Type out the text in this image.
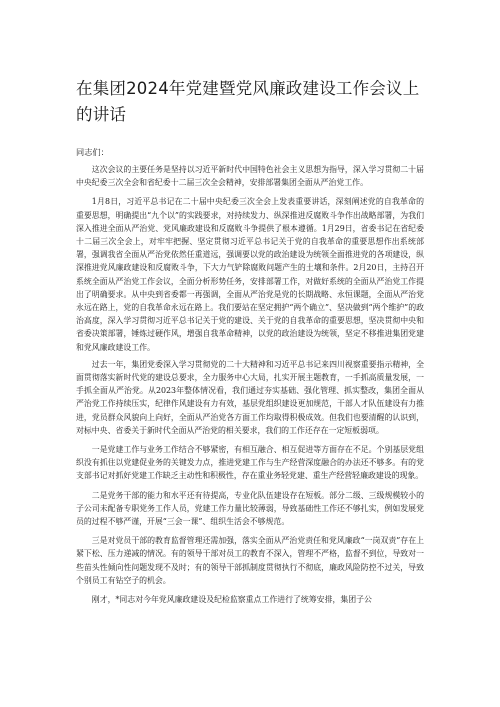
在集团2024年党建暨党风廉政建设工作会议上的讲话
同志们：

这次会议的主要任务是坚持以习近平新时代中国特色社会主义思想为指导，深入学习贯彻二十届中央纪委三次全会和省纪委十二届三次全会精神，安排部署集团全面从严治党工作。

1月8日，习近平总书记在二十届中央纪委三次全会上发表重要讲话，深刻阐述党的自我革命的重要思想，明确提出“九个以”的实践要求，对持续发力、纵深推进反腐败斗争作出战略部署，为我们深入推进全面从严治党、党风廉政建设和反腐败斗争提供了根本遵循。1月29日，省委书记在省纪委十二届三次全会上，对牢牢把握、坚定贯彻习近平总书记关于党的自我革命的重要思想作出系统部署，强调我省全面从严治党依然任重道远，强调要以党的政治建设为统领全面推进党的各项建设，纵深推进党风廉政建设和反腐败斗争，下大力气铲除腐败问题产生的土壤和条件。2月20日，主持召开系统全面从严治党工作会议，全面分析形势任务，安排部署工作，对做好系统的全面从严治党工作提出了明确要求。从中央到省委都一再强调，全面从严治党是党的长期战略、永恒课题，全面从严治党永远在路上，党的自我革命永远在路上。我们要站在坚定拥护“两个确立”、坚决做到“两个维护”的政治高度，深入学习贯彻习近平总书记关于党的建设、关于党的自我革命的重要思想，坚决贯彻中央和省委决策部署，锤炼过硬作风，增强自我革命精神，以党的政治建设为统领，坚定不移推进集团党建和党风廉政建设工作。

过去一年，集团党委深入学习贯彻党的二十大精神和习近平总书记来四川视察重要指示精神，全面贯彻落实新时代党的建设总要求，全力服务中心大局，扎实开展主题教育，一手抓高质量发展，一手抓全面从严治党。从2023年整体情况看，我们通过夯实基础、强化管理、抓实整改，集团全面从严治党工作持续压实，纪律作风建设有力有效，基层党组织建设更加规范，干部人才队伍建设有力推进，党员群众风貌向上向好，全面从严治党各方面工作均取得积极成效。但我们也要清醒的认识到，对标中央、省委关于新时代全面从严治党的相关要求，我们的工作还存在一定短板弱项。

一是党建工作与业务工作结合不够紧密，有相互融合、相互促进等方面存在不足。个别基层党组织没有抓住以党建促业务的关键发力点，推进党建工作与生产经营深度融合的办法还不够多。有的党支部书记对抓好党建工作缺乏主动性和积极性，存在重业务轻党建、重生产经营轻廉政建设的现象。

二是党务干部的能力和水平还有待提高，专业化队伍建设存在短板。部分二级、三级规模较小的子公司未配备专职党务工作人员，党建工作力量比较薄弱，导致基础性工作还不够扎实，例如发展党员的过程不够严谨，开展“三会一课”、组织生活会不够规范。

三是对党员干部的教育监督管理还需加强，落实全面从严治党责任和党风廉政“一岗双责”存在上紧下松、压力递减的情况。有的领导干部对员工的教育不深入，管理不严格，监督不到位，导致对一些苗头性倾向性问题发现不及时；有的领导干部抓制度贯彻执行不彻底，廉政风险防控不过关，导致个别员工有钻空子的机会。

刚才，*同志对今年党风廉政建设及纪检监察重点工作进行了统筹安排，集团子公
